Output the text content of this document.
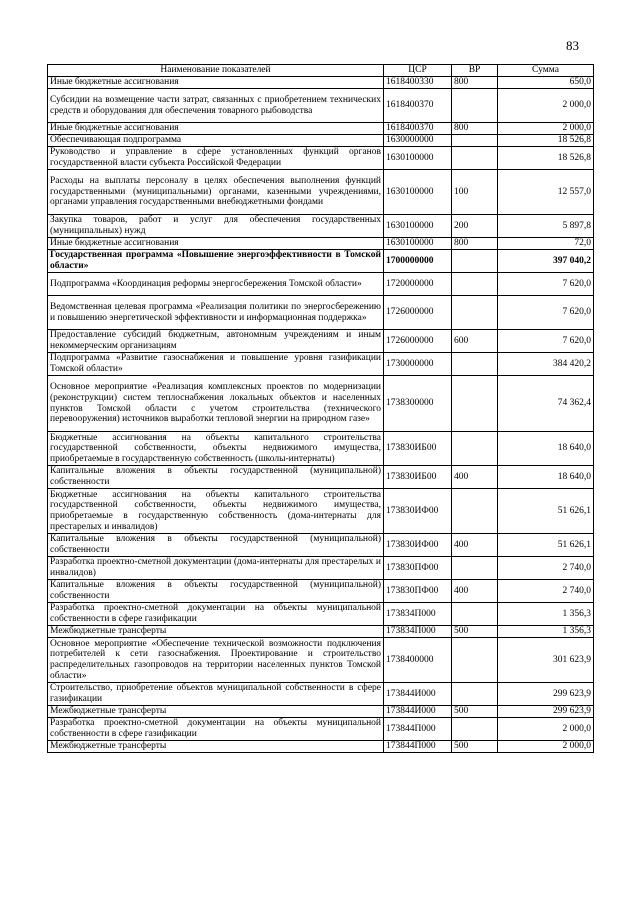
83
Наименование показателей	ЦСР	ВР	Сумма
Иные бюджетные ассигнования	1618400330	800	650,0
Субсидии на возмещение части затрат, связанных с приобретением технических средств и оборудования для обеспечения товарного рыбоводства	1618400370		2 000,0
Иные бюджетные ассигнования	1618400370	800	2 000,0
Обеспечивающая подпрограмма	1630000000		18 526,8
Руководство и управление в сфере установленных функций органов государственной власти субъекта Российской Федерации	1630100000		18 526,8
Расходы на выплаты персоналу в целях обеспечения выполнения функций государственными (муниципальными) органами, казенными учреждениями, органами управления государственными внебюджетными фондами	1630100000	100	12 557,0
Закупка товаров, работ и услуг для обеспечения государственных (муниципальных) нужд	1630100000	200	5 897,8
Иные бюджетные ассигнования	1630100000	800	72,0
Государственная программа «Повышение энергоэффективности в Томской области»	1700000000		397 040,2
Подпрограмма «Координация реформы энергосбережения Томской области»	1720000000		7 620,0
Ведомственная целевая программа «Реализация политики по энергосбережению и повышению энергетической эффективности и информационная поддержка»	1726000000		7 620,0
Предоставление субсидий бюджетным, автономным учреждениям и иным некоммерческим организациям	1726000000	600	7 620,0
Подпрограмма «Развитие газоснабжения и повышение уровня газификации Томской области»	1730000000		384 420,2
Основное мероприятие «Реализация комплексных проектов по модернизации (реконструкции) систем теплоснабжения локальных объектов и населенных пунктов Томской области с учетом строительства (технического перевооружения) источников выработки тепловой энергии на природном газе»	1738300000		74 362,4
Бюджетные ассигнования на объекты капитального строительства государственной собственности, объекты недвижимого имущества, приобретаемые в государственную собственность (школы-интернаты)	173830ИБ00		18 640,0
Капитальные вложения в объекты государственной (муниципальной) собственности	173830ИБ00	400	18 640,0
Бюджетные ассигнования на объекты капитального строительства государственной собственности, объекты недвижимого имущества, приобретаемые в государственную собственность (дома-интернаты для престарелых и инвалидов)	173830ИФ00		51 626,1
Капитальные вложения в объекты государственной (муниципальной) собственности	173830ИФ00	400	51 626,1
Разработка проектно-сметной документации (дома-интернаты для престарелых и инвалидов)	173830ПФ00		2 740,0
Капитальные вложения в объекты государственной (муниципальной) собственности	173830ПФ00	400	2 740,0
Разработка проектно-сметной документации на объекты муниципальной собственности в сфере газификации	173834П000		1 356,3
Межбюджетные трансферты	173834П000	500	1 356,3
Основное мероприятие «Обеспечение технической возможности подключения потребителей к сети газоснабжения. Проектирование и строительство распределительных газопроводов на территории населенных пунктов Томской области»	1738400000		301 623,9
Строительство, приобретение объектов муниципальной собственности в сфере газификации	173844И000		299 623,9
Межбюджетные трансферты	173844И000	500	299 623,9
Разработка проектно-сметной документации на объекты муниципальной собственности в сфере газификации	173844П000		2 000,0
Межбюджетные трансферты	173844П000	500	2 000,0
